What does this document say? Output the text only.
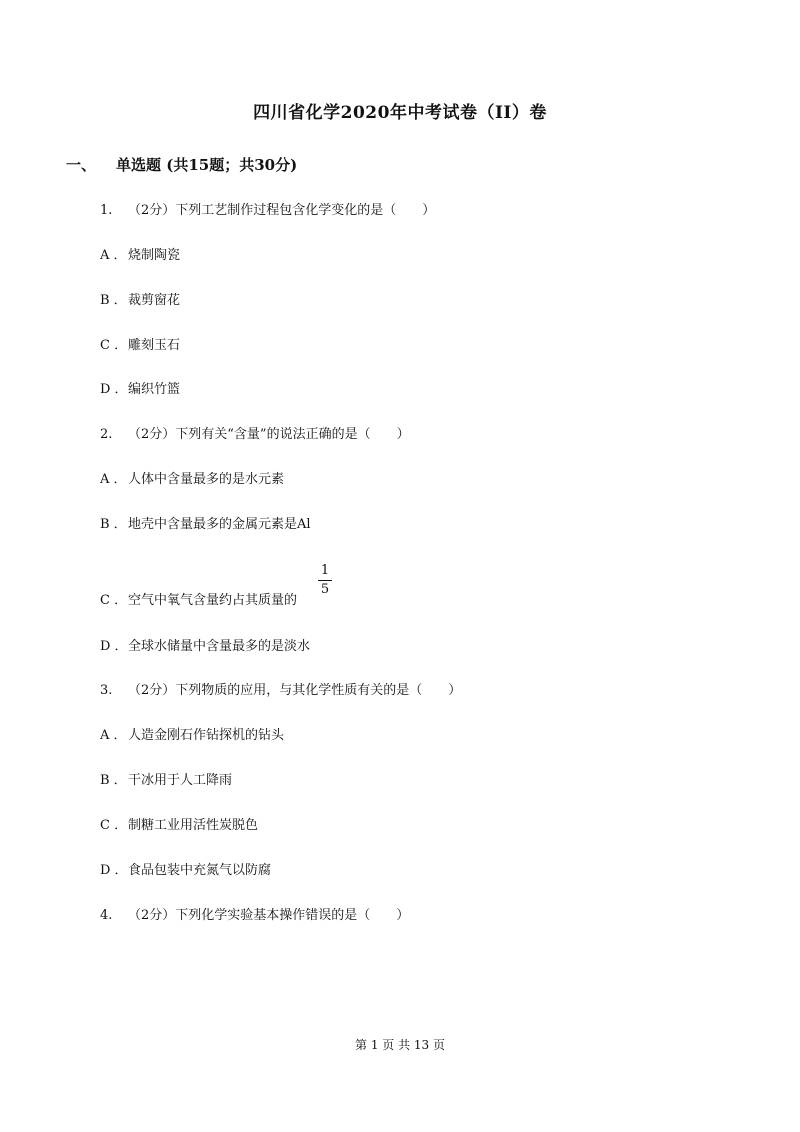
四川省化学2020年中考试卷（II）卷
一、 单选题 (共15题；共30分)
1. （2分）下列工艺制作过程包含化学变化的是（　　）
A ．烧制陶瓷
B ．裁剪窗花
C ．雕刻玉石
D ．编织竹篮
2. （2分）下列有关“含量”的说法正确的是（　　）
A ．人体中含量最多的是水元素
B ．地壳中含量最多的金属元素是Al
C ．空气中氧气含量约占其质量的
1
5
D ．全球水储量中含量最多的是淡水
3. （2分）下列物质的应用，与其化学性质有关的是（　　）
A ．人造金刚石作钻探机的钻头
B ．干冰用于人工降雨
C ．制糖工业用活性炭脱色
D ．食品包装中充氮气以防腐
4. （2分）下列化学实验基本操作错误的是（　　）
第 1 页 共 13 页
